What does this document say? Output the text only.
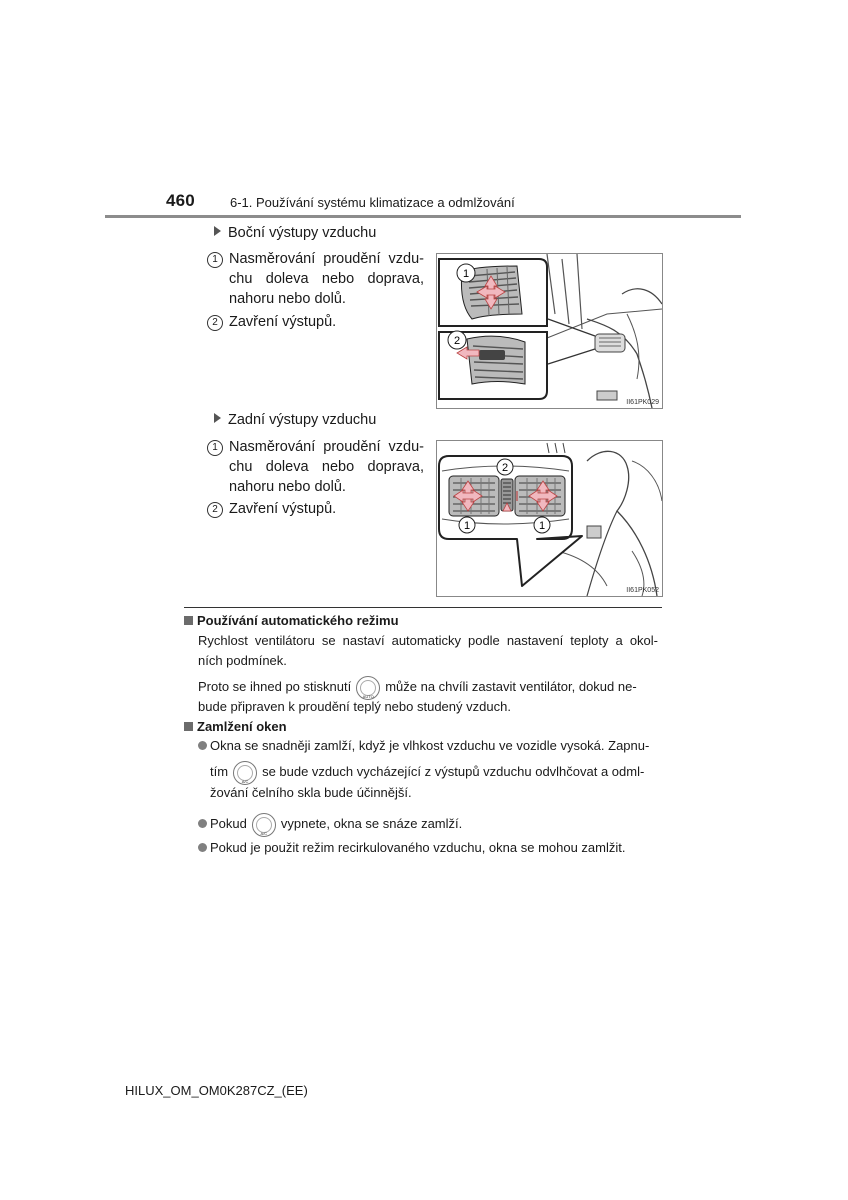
460	6-1. Používání systému klimatizace a odmlžování
Boční výstupy vzduchu
1 Nasměrování proudění vzdu-
chu doleva nebo doprava,
nahoru nebo dolů.
2 Zavření výstupů.
1
2
II61PK029
Zadní výstupy vzduchu
1 Nasměrování proudění vzdu-
chu doleva nebo doprava,
nahoru nebo dolů.
2 Zavření výstupů.
2
1	1
II61PK052
Používání automatického režimu
Rychlost ventilátoru se nastaví automaticky podle nastavení teploty a okol-
ních podmínek.
Proto se ihned po stisknutí
AUTO
může na chvíli zastavit ventilátor, dokud ne-
bude připraven k proudění teplý nebo studený vzduch.
Zamlžení oken
Okna se snadněji zamlží, když je vlhkost vzduchu ve vozidle vysoká. Zapnu-
tím
A/C
se bude vzduch vycházející z výstupů vzduchu odvlhčovat a odml-
žování čelního skla bude účinnější.
Pokud
A/C
vypnete, okna se snáze zamlží.
Pokud je použit režim recirkulovaného vzduchu, okna se mohou zamlžit.
HILUX_OM_OM0K287CZ_(EE)
